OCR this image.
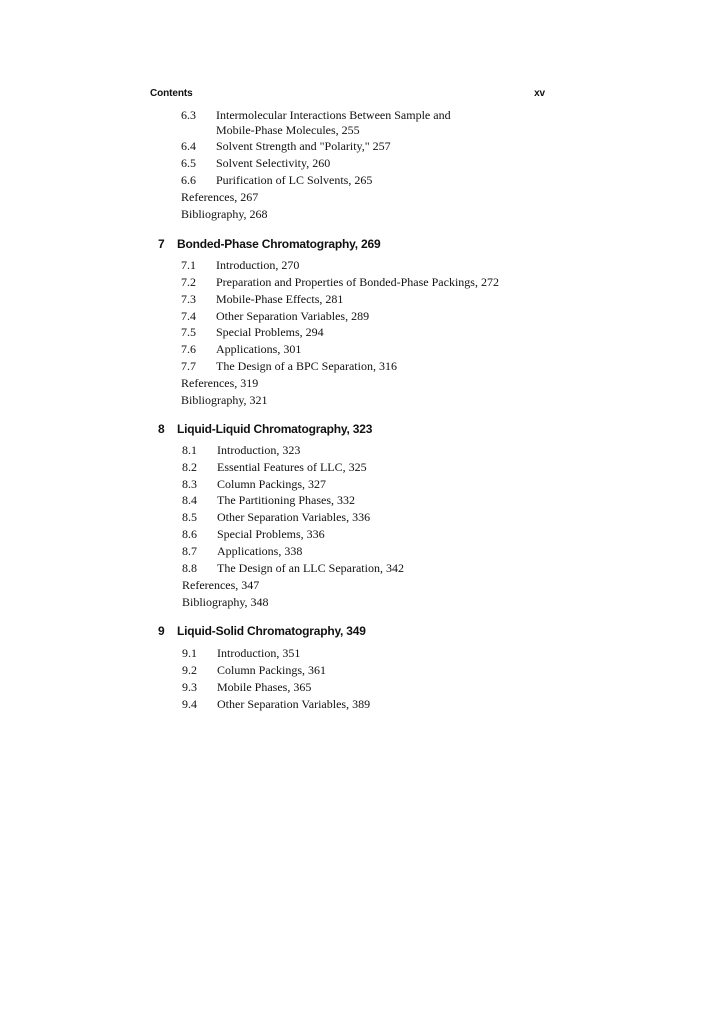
Contents	xv
6.3 Intermolecular Interactions Between Sample and
Mobile-Phase Molecules, 255
6.4 Solvent Strength and "Polarity," 257
6.5 Solvent Selectivity, 260
6.6 Purification of LC Solvents, 265
References, 267
Bibliography, 268
7 Bonded-Phase Chromatography, 269
7.1 Introduction, 270
7.2 Preparation and Properties of Bonded-Phase Packings, 272
7.3 Mobile-Phase Effects, 281
7.4 Other Separation Variables, 289
7.5 Special Problems, 294
7.6 Applications, 301
7.7 The Design of a BPC Separation, 316
References, 319
Bibliography, 321
8 Liquid-Liquid Chromatography, 323
8.1 Introduction, 323
8.2 Essential Features of LLC, 325
8.3 Column Packings, 327
8.4 The Partitioning Phases, 332
8.5 Other Separation Variables, 336
8.6 Special Problems, 336
8.7 Applications, 338
8.8 The Design of an LLC Separation, 342
References, 347
Bibliography, 348
9 Liquid-Solid Chromatography, 349
9.1 Introduction, 351
9.2 Column Packings, 361
9.3 Mobile Phases, 365
9.4 Other Separation Variables, 389
